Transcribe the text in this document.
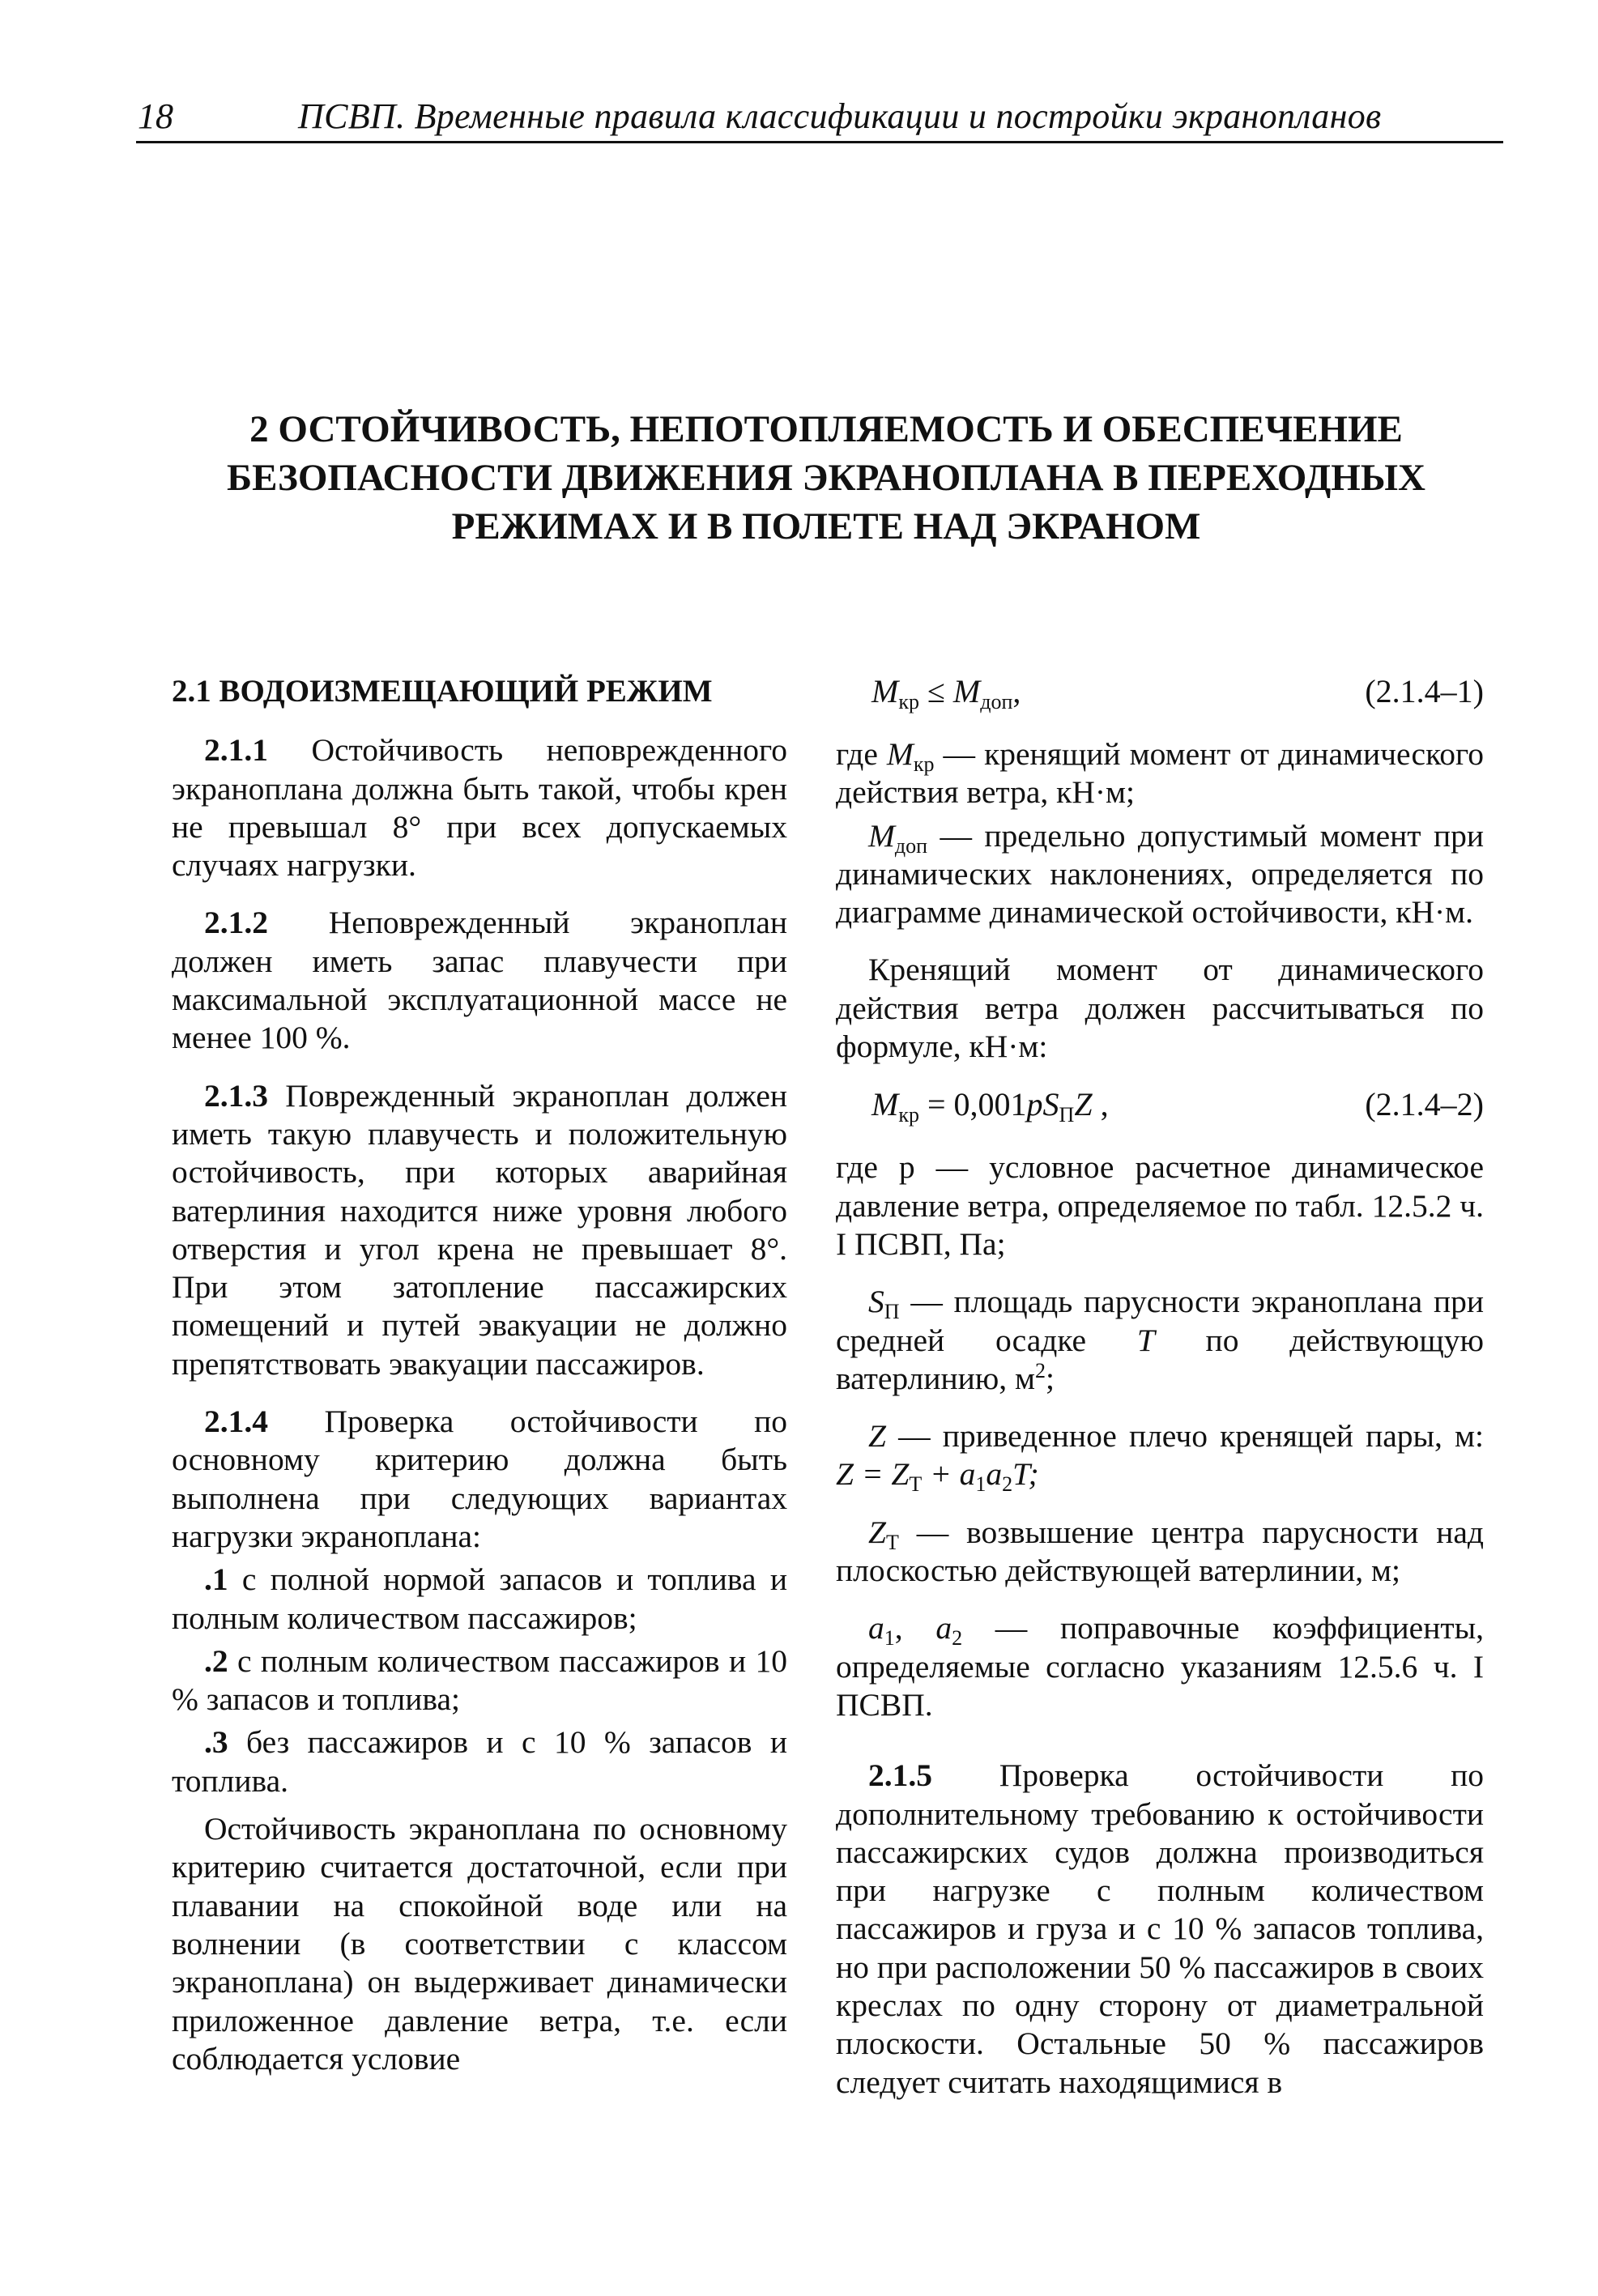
18	ПСВП. Временные правила классификации и постройки экранопланов
2 ОСТОЙЧИВОСТЬ, НЕПОТОПЛЯЕМОСТЬ И ОБЕСПЕЧЕНИЕ
БЕЗОПАСНОСТИ ДВИЖЕНИЯ ЭКРАНОПЛАНА В ПЕРЕХОДНЫХ
РЕЖИМАХ И В ПОЛЕТЕ НАД ЭКРАНОМ
2.1 ВОДОИЗМЕЩАЮЩИЙ РЕЖИМ

2.1.1 Остойчивость неповрежденного экраноплана должна быть такой, чтобы крен не превышал 8° при всех допускаемых случаях нагрузки.

2.1.2 Неповрежденный экраноплан должен иметь запас плавучести при максимальной эксплуатационной массе не менее 100 %.

2.1.3 Поврежденный экраноплан должен иметь такую плавучесть и положительную остойчивость, при которых аварийная ватерлиния находится ниже уровня любого отверстия и угол крена не превышает 8°. При этом затопление пассажирских помещений и путей эвакуации не должно препятствовать эвакуации пассажиров.

2.1.4 Проверка остойчивости по основному критерию должна быть выполнена при следующих вариантах нагрузки экраноплана:

.1 с полной нормой запасов и топлива и полным количеством пассажиров;

.2 с полным количеством пассажиров и 10 % запасов и топлива;

.3 без пассажиров и с 10 % запасов и топлива.

Остойчивость экраноплана по основному критерию считается достаточной, если при плавании на спокойной воде или на волнении (в соответствии с классом экраноплана) он выдерживает динамически приложенное давление ветра, т.е. если соблюдается условие

$M_{кр} \le M_{доп}$,	(2.1.4–1)

где $M_{кр}$ — кренящий момент от динамического действия ветра, кН·м;

$M_{доп}$ — предельно допустимый момент при динамических наклонениях, определяется по диаграмме динамической остойчивости, кН·м.

Кренящий момент от динамического действия ветра должен рассчитываться по формуле, кН·м:

$M_{кр} = 0,001pS_ПZ$ ,	(2.1.4–2)

где p — условное расчетное динамическое давление ветра, определяемое по табл. 12.5.2 ч. I ПСВП, Па;

$S_П$ — площадь парусности экраноплана при средней осадке T по действующую ватерлинию, $м^2$;

Z — приведенное плечо кренящей пары, м: $Z = Z_Т + a_1a_2T$;

$Z_Т$ — возвышение центра парусности над плоскостью действующей ватерлинии, м;

$a_1$, $a_2$ — поправочные коэффициенты, определяемые согласно указаниям 12.5.6 ч. I ПСВП.

2.1.5 Проверка остойчивости по дополнительному требованию к остойчивости пассажирских судов должна производиться при нагрузке с полным количеством пассажиров и груза и с 10 % запасов топлива, но при расположении 50 % пассажиров в своих креслах по одну сторону от диаметральной плоскости. Остальные 50 % пассажиров следует считать находящимися в
